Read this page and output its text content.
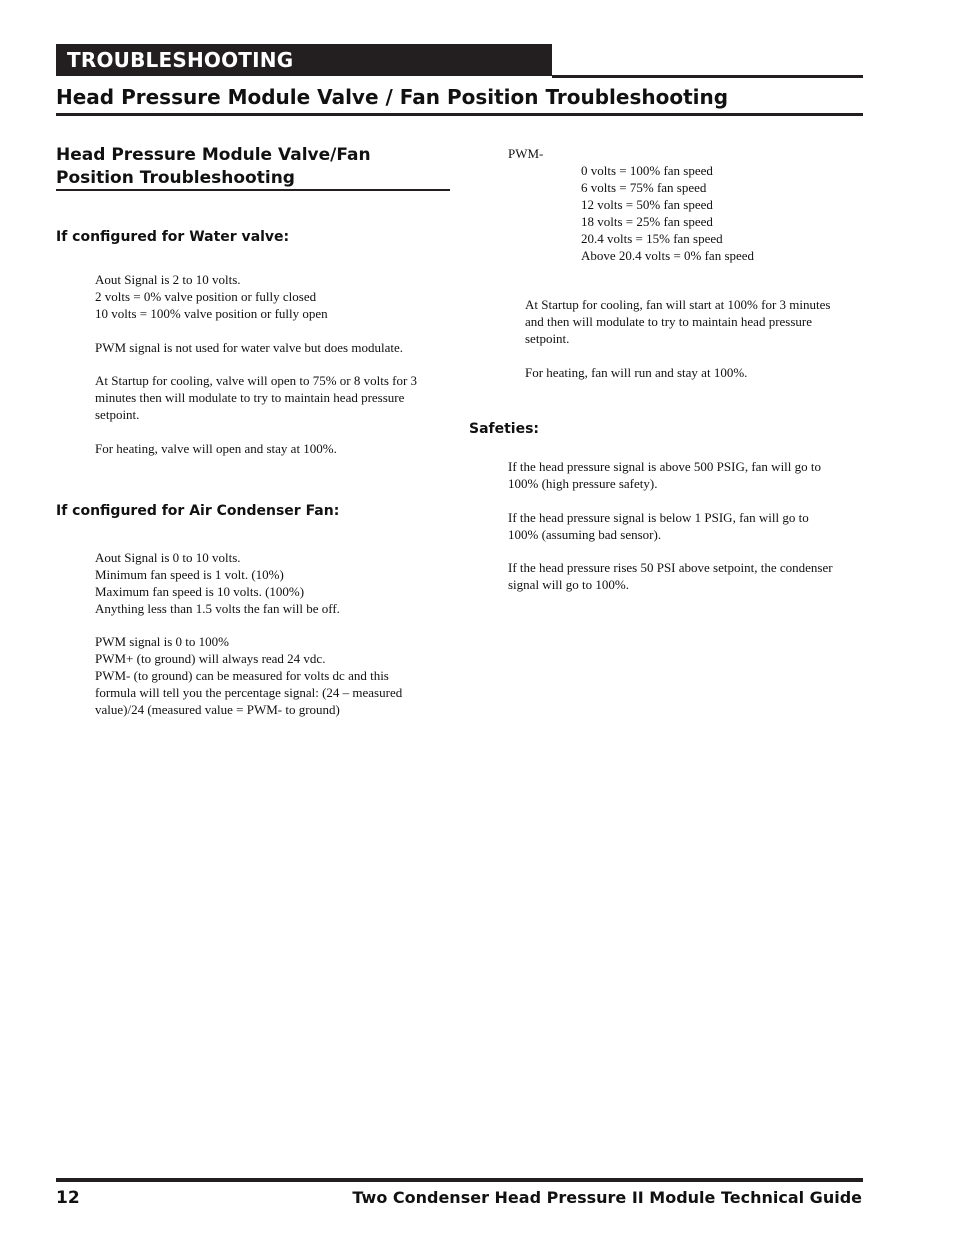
TROUBLESHOOTING
Head Pressure Module Valve / Fan Position Troubleshooting
Head Pressure Module Valve/Fan
Position Troubleshooting
If configured for Water valve:
Aout Signal is 2 to 10 volts.
2 volts = 0% valve position or fully closed
10 volts = 100% valve position or fully open
PWM signal is not used for water valve but does modulate.
At Startup for cooling, valve will open to 75% or 8 volts for 3
minutes then will modulate to try to maintain head pressure
setpoint.
For heating, valve will open and stay at 100%.
If configured for Air Condenser Fan:
Aout Signal is 0 to 10 volts.
Minimum fan speed is 1 volt. (10%)
Maximum fan speed is 10 volts. (100%)
Anything less than 1.5 volts the fan will be off.
PWM signal is 0 to 100%
PWM+ (to ground) will always read 24 vdc.
PWM- (to ground) can be measured for volts dc and this
formula will tell you the percentage signal: (24 – measured
value)/24 (measured value = PWM- to ground)
PWM-
0 volts = 100% fan speed
6 volts = 75% fan speed
12 volts = 50% fan speed
18 volts = 25% fan speed
20.4 volts = 15% fan speed
Above 20.4 volts = 0% fan speed
At Startup for cooling, fan will start at 100% for 3 minutes
and then will modulate to try to maintain head pressure
setpoint.
For heating, fan will run and stay at 100%.
Safeties:
If the head pressure signal is above 500 PSIG, fan will go to
100% (high pressure safety).
If the head pressure signal is below 1 PSIG, fan will go to
100% (assuming bad sensor).
If the head pressure rises 50 PSI above setpoint, the condenser
signal will go to 100%.
12	Two Condenser Head Pressure II Module Technical Guide
